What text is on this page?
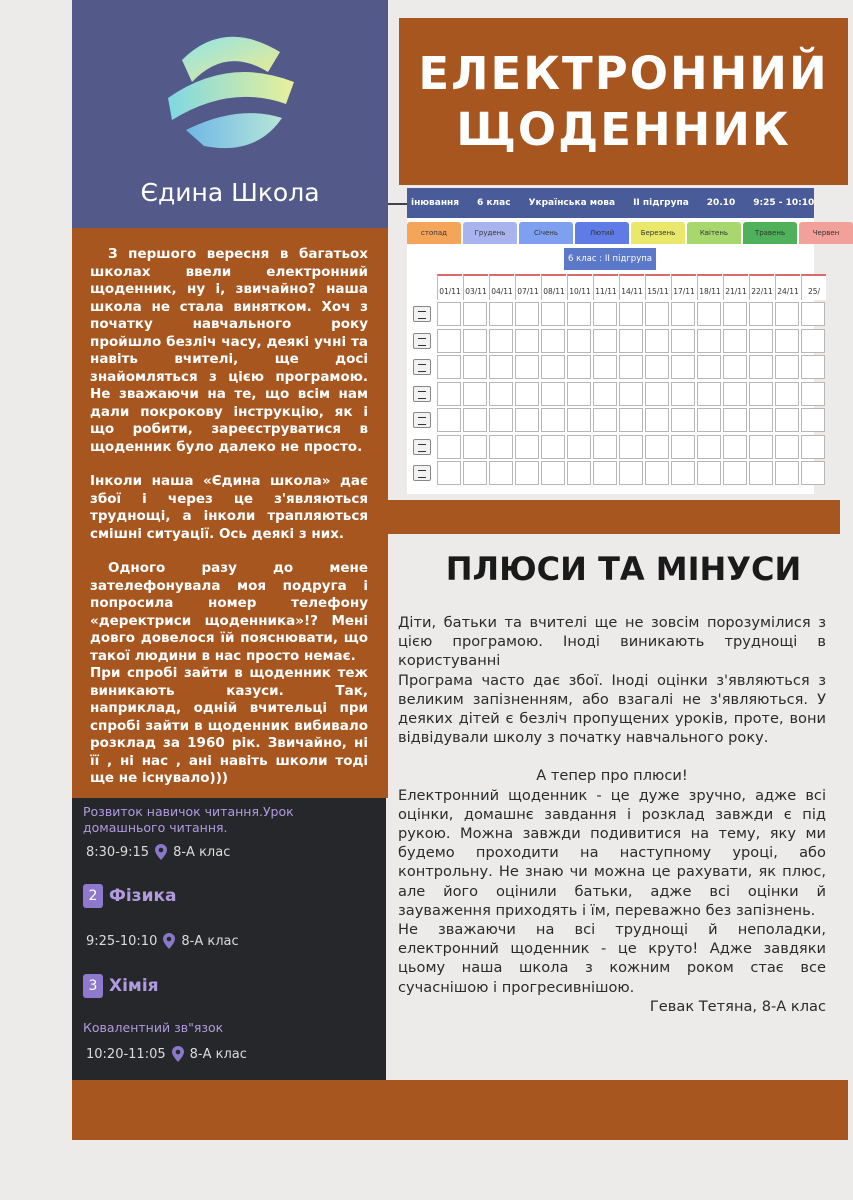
Єдина Школа

З першого вересня в багатьох школах ввели електронний щоденник, ну і, звичайно? наша школа не стала винятком. Хоч з початку навчального року пройшло безліч часу, деякі учні та навіть вчителі, ще досі знайомляться з цією програмою. Не зважаючи на те, що всім нам дали покрокову інструкцію, як і що робити, зареєструватися в щоденник було далеко не просто.

Інколи наша «Єдина школа» дає збої і через це з'являються труднощі, а інколи трапляються смішні ситуації. Ось деякі з них.

Одного разу до мене зателефонувала моя подруга і попросила номер телефону «деректриси щоденника»!? Мені довго довелося їй пояснювати, що такої людини в нас просто немає.

При спробі зайти в щоденник теж виникають казуси. Так, наприклад, одній вчительці при спробі зайти в щоденник вибивало розклад за 1960 рік. Звичайно, ні її , ні нас , ані навіть школи тоді ще не існувало)))

Розвиток навичок читання.Урок домашнього читання.
8:30-9:15 8-А клас
2 Фізика
9:25-10:10 8-А клас
3 Хімія
Ковалентний зв"язок
10:20-11:05 8-А клас
ЕЛЕКТРОННИЙ
ЩОДЕННИК
інювання 6 клас Українська мова ІІ підгрупа 20.10 9:25 - 10:10
стопад	Грудень	Січень	Лютий	Березень	Квітень	Травень	Червен
6 клас : ІІ підгрупа
01/11 03/11 04/11 07/11 08/11 10/11 11/11 14/11 15/11 17/11 18/11 21/11 22/11 24/11	25/
ПЛЮСИ ТА МІНУСИ

Діти, батьки та вчителі ще не зовсім порозумілися з цією програмою. Іноді виникають труднощі в користуванні

Програма часто дає збої. Іноді оцінки з'являються з великим запізненням, або взагалі не з'являються. У деяких дітей є безліч пропущених уроків, проте, вони відвідували школу з початку навчального року.

А тепер про плюси!

Електронний щоденник - це дуже зручно, адже всі оцінки, домашнє завдання і розклад завжди є під рукою. Можна завжди подивитися на тему, яку ми будемо проходити на наступному уроці, або контрольну. Не знаю чи можна це рахувати, як плюс, але його оцінили батьки, адже всі оцінки й зауваження приходять і їм, переважно без запізнень.

Не зважаючи на всі труднощі й неполадки, електронний щоденник - це круто! Адже завдяки цьому наша школа з кожним роком стає все сучаснішою і прогресивнішою.

Гевак Тетяна, 8-А клас
